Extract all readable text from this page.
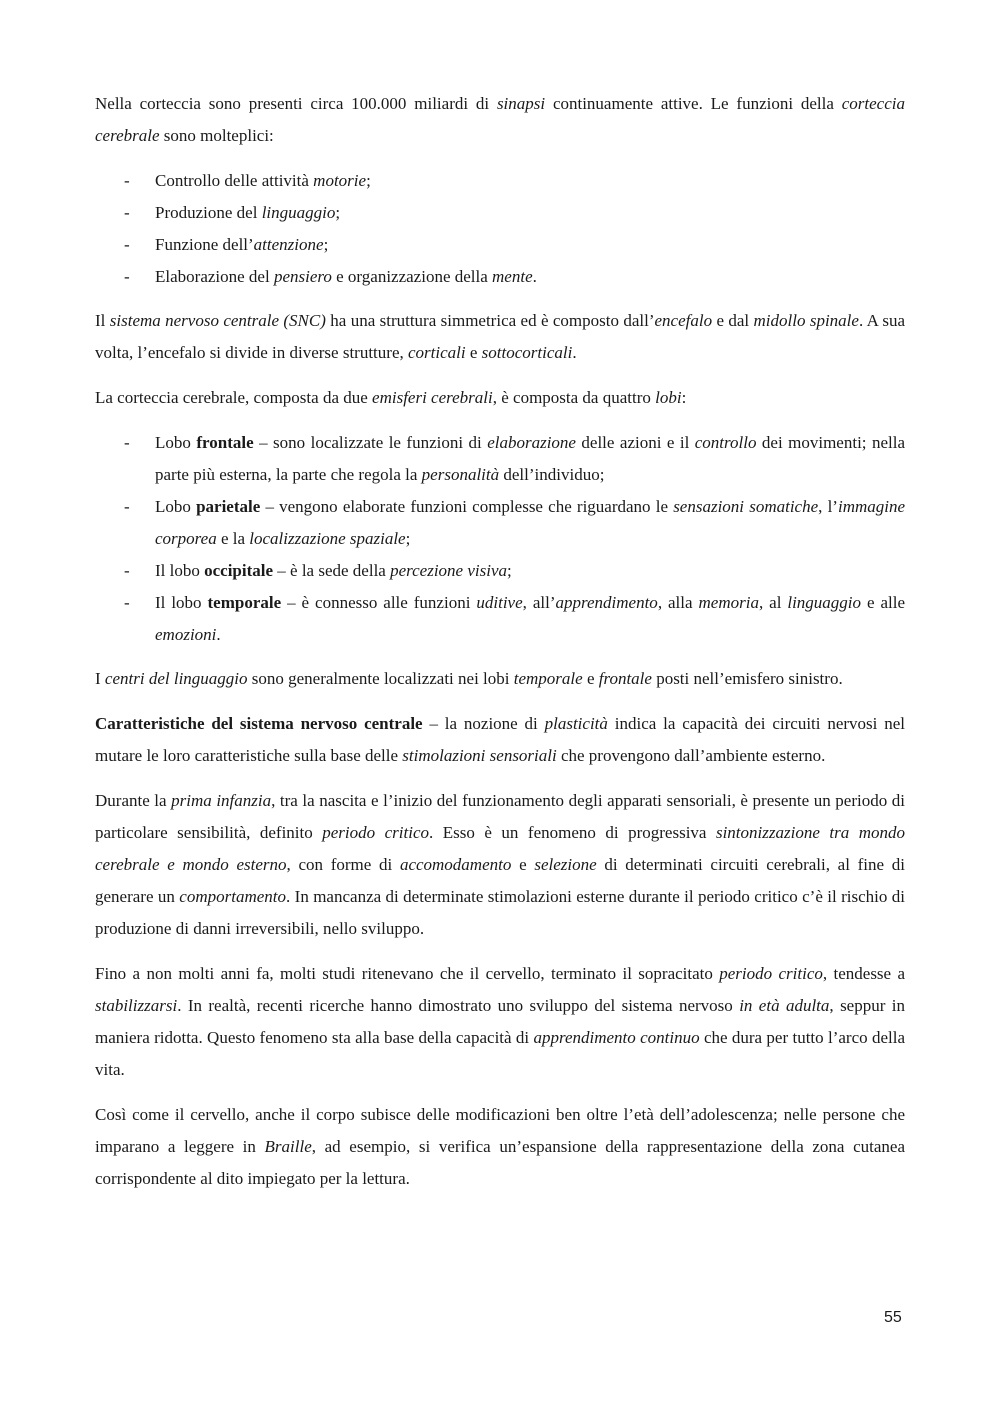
Nella corteccia sono presenti circa 100.000 miliardi di sinapsi continuamente attive. Le funzioni della corteccia cerebrale sono molteplici:

- Controllo delle attività motorie;
- Produzione del linguaggio;
- Funzione dell’attenzione;
- Elaborazione del pensiero e organizzazione della mente.

Il sistema nervoso centrale (SNC) ha una struttura simmetrica ed è composto dall’encefalo e dal midollo spinale. A sua volta, l’encefalo si divide in diverse strutture, corticali e sottocorticali.

La corteccia cerebrale, composta da due emisferi cerebrali, è composta da quattro lobi:

- Lobo frontale – sono localizzate le funzioni di elaborazione delle azioni e il controllo dei movimenti; nella parte più esterna, la parte che regola la personalità dell’individuo;
- Lobo parietale – vengono elaborate funzioni complesse che riguardano le sensazioni somatiche, l’immagine corporea e la localizzazione spaziale;
- Il lobo occipitale – è la sede della percezione visiva;
- Il lobo temporale – è connesso alle funzioni uditive, all’apprendimento, alla memoria, al linguaggio e alle emozioni.

I centri del linguaggio sono generalmente localizzati nei lobi temporale e frontale posti nell’emisfero sinistro.

Caratteristiche del sistema nervoso centrale – la nozione di plasticità indica la capacità dei circuiti nervosi nel mutare le loro caratteristiche sulla base delle stimolazioni sensoriali che provengono dall’ambiente esterno.

Durante la prima infanzia, tra la nascita e l’inizio del funzionamento degli apparati sensoriali, è presente un periodo di particolare sensibilità, definito periodo critico. Esso è un fenomeno di progressiva sintonizzazione tra mondo cerebrale e mondo esterno, con forme di accomodamento e selezione di determinati circuiti cerebrali, al fine di generare un comportamento. In mancanza di determinate stimolazioni esterne durante il periodo critico c’è il rischio di produzione di danni irreversibili, nello sviluppo.

Fino a non molti anni fa, molti studi ritenevano che il cervello, terminato il sopracitato periodo critico, tendesse a stabilizzarsi. In realtà, recenti ricerche hanno dimostrato uno sviluppo del sistema nervoso in età adulta, seppur in maniera ridotta. Questo fenomeno sta alla base della capacità di apprendimento continuo che dura per tutto l’arco della vita.

Così come il cervello, anche il corpo subisce delle modificazioni ben oltre l’età dell’adolescenza; nelle persone che imparano a leggere in Braille, ad esempio, si verifica un’espansione della rappresentazione della zona cutanea corrispondente al dito impiegato per la lettura.

55
